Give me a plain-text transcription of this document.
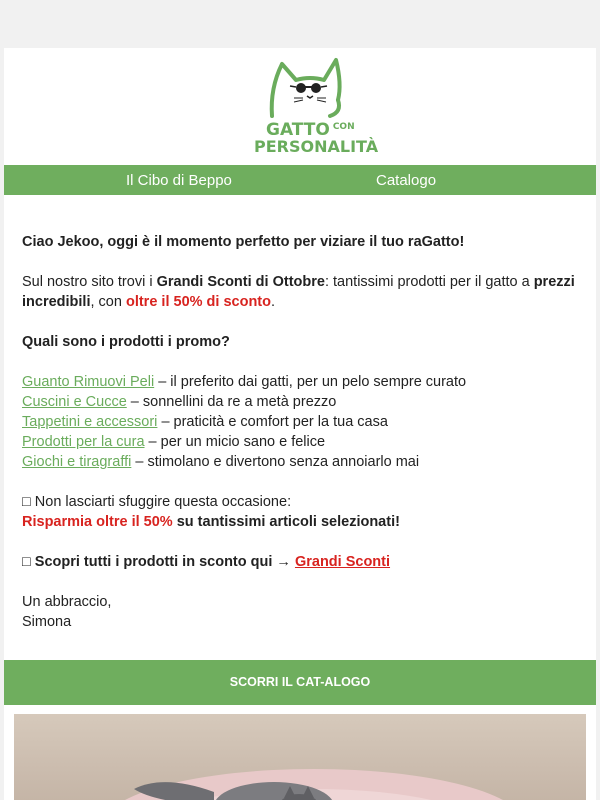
GATTO $^{CON}$
PERSONALITÀ
Il Cibo di Beppo	Catalogo

Ciao Jekoo, oggi è il momento perfetto per viziare il tuo raGatto!

Sul nostro sito trovi i Grandi Sconti di Ottobre: tantissimi prodotti per il gatto a prezzi incredibili, con oltre il 50% di sconto.

Quali sono i prodotti i promo?

Guanto Rimuovi Peli – il preferito dai gatti, per un pelo sempre curato
Cuscini e Cucce – sonnellini da re a metà prezzo
Tappetini e accessori – praticità e comfort per la tua casa
Prodotti per la cura – per un micio sano e felice
Giochi e tiragraffi – stimolano e divertono senza annoiarlo mai

□ Non lasciarti sfuggire questa occasione:

Risparmia oltre il 50% su tantissimi articoli selezionati!

□ Scopri tutti i prodotti in sconto qui → Grandi Sconti

Un abbraccio,

Simona

SCORRI IL CAT-ALOGO
